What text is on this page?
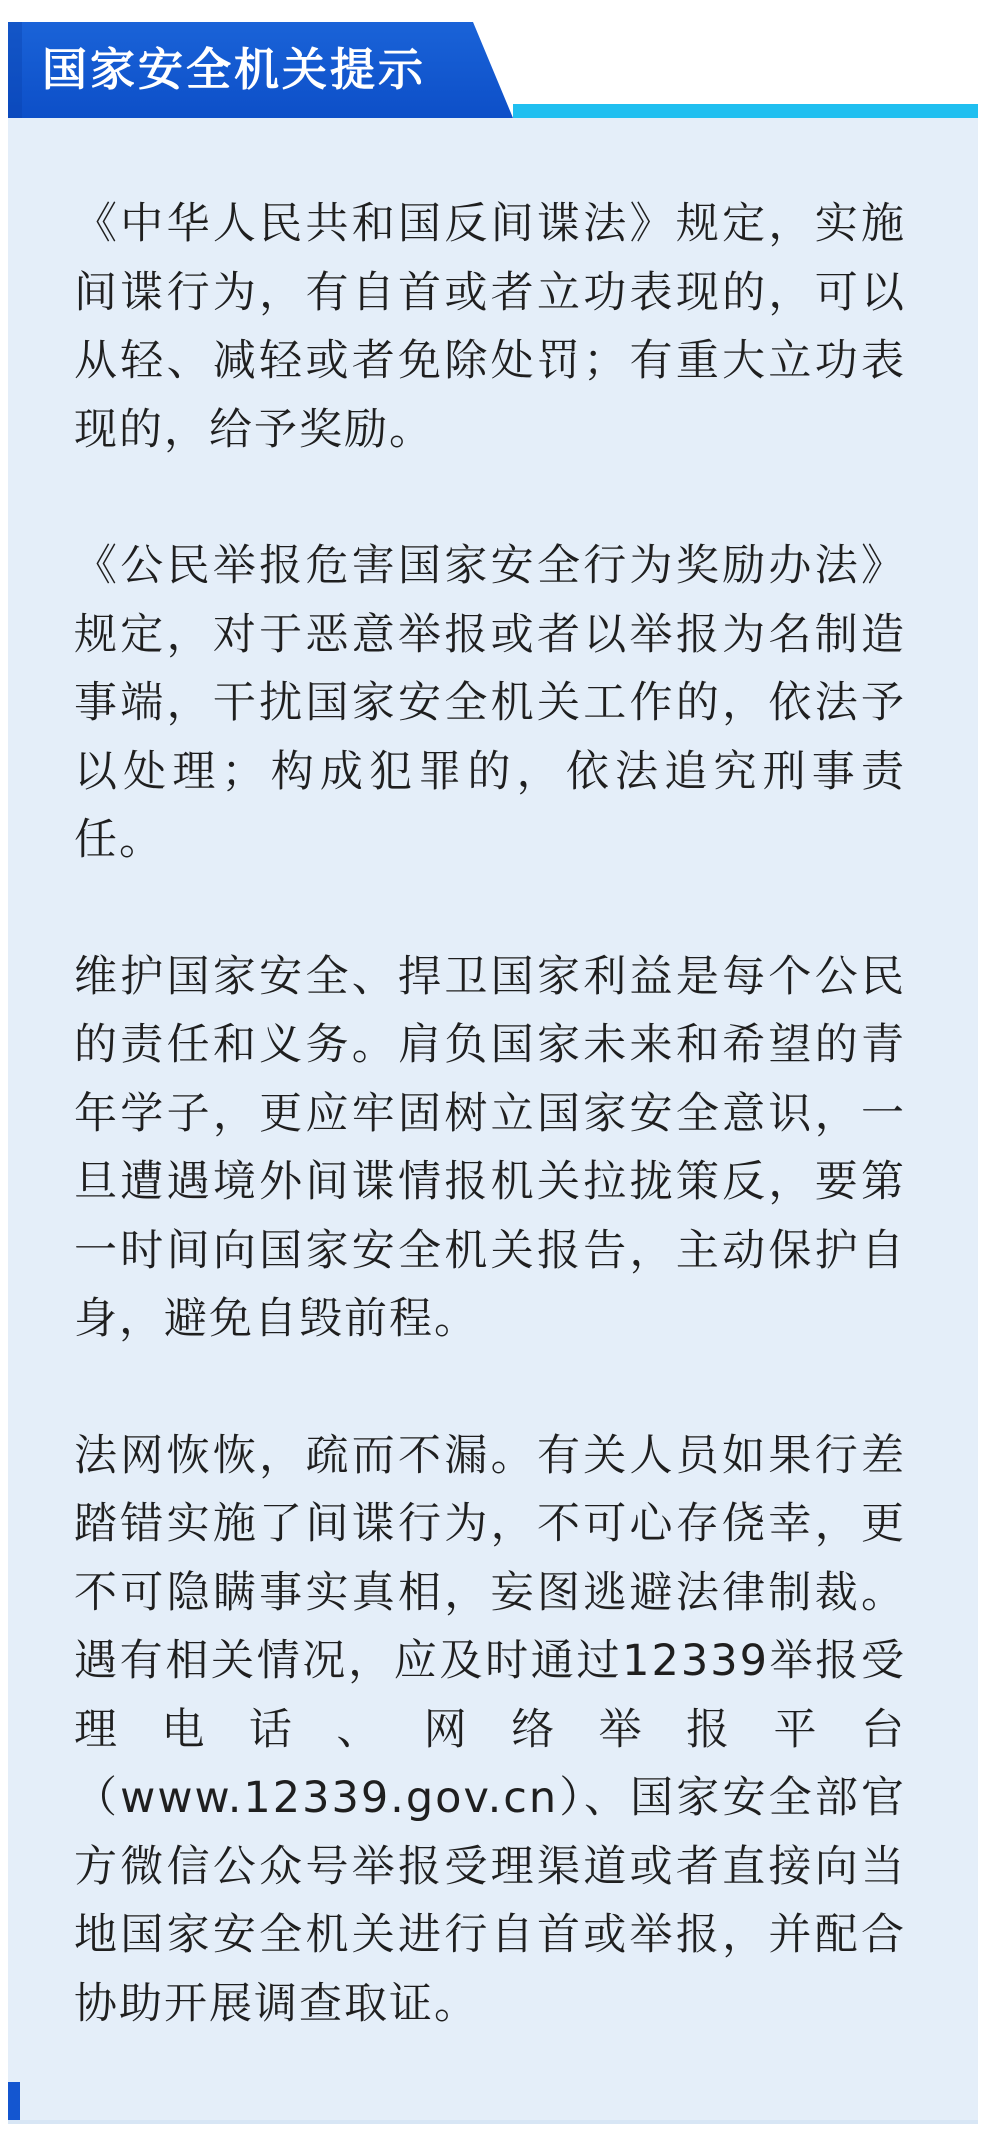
国家安全机关提示

《中华人民共和国反间谍法》规定，实施间谍行为，有自首或者立功表现的，可以从轻、减轻或者免除处罚；有重大立功表现的，给予奖励。

《公民举报危害国家安全行为奖励办法》规定，对于恶意举报或者以举报为名制造事端，干扰国家安全机关工作的，依法予以处理；构成犯罪的，依法追究刑事责任。

维护国家安全、捍卫国家利益是每个公民的责任和义务。肩负国家未来和希望的青年学子，更应牢固树立国家安全意识，一旦遭遇境外间谍情报机关拉拢策反，要第一时间向国家安全机关报告，主动保护自身，避免自毁前程。

法网恢恢，疏而不漏。有关人员如果行差踏错实施了间谍行为，不可心存侥幸，更不可隐瞒事实真相，妄图逃避法律制裁。遇有相关情况，应及时通过12339举报受理电话、网络举报平台（www.12339.gov.cn）、国家安全部官方微信公众号举报受理渠道或者直接向当地国家安全机关进行自首或举报，并配合协助开展调查取证。
